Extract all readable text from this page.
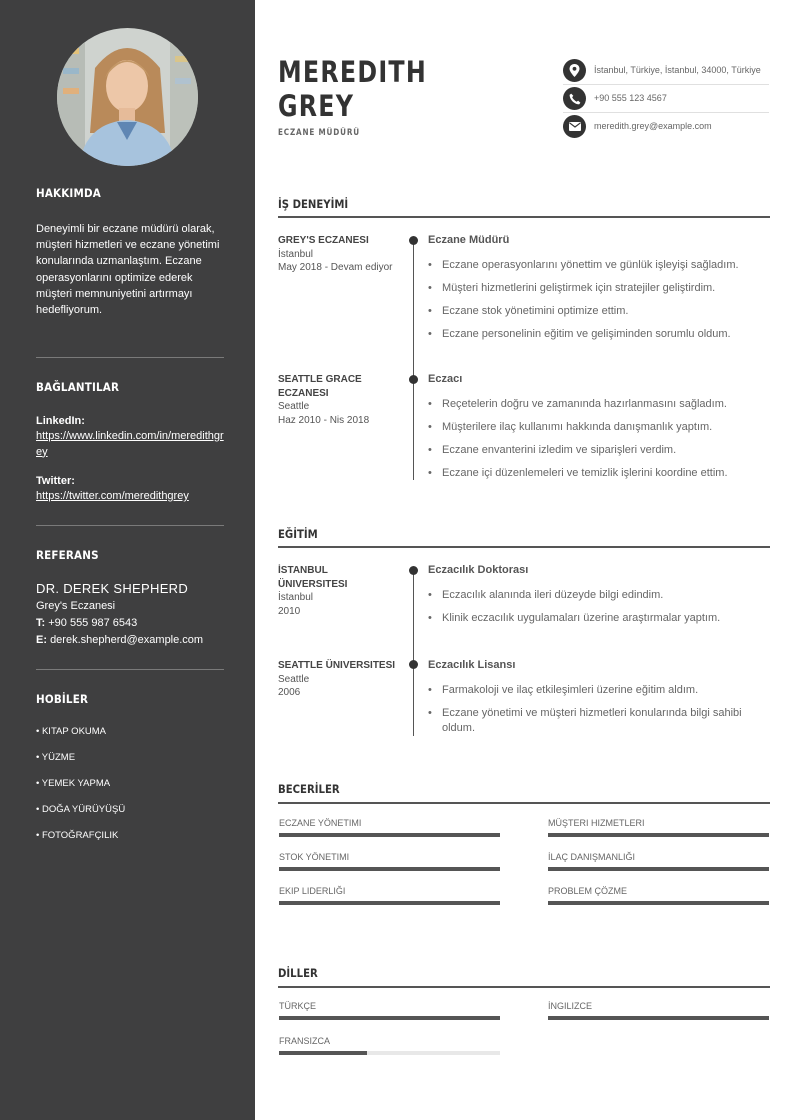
HAKKIMDA
Deneyimli bir eczane müdürü olarak, müşteri hizmetleri ve eczane yönetimi konularında uzmanlaştım. Eczane operasyonlarını optimize ederek müşteri memnuniyetini artırmayı hedefliyorum.
BAĞLANTILAR
LinkedIn:
https://www.linkedin.com/in/meredithgrey
Twitter:
https://twitter.com/meredithgrey
REFERANS
DR. DEREK SHEPHERD
Grey's Eczanesi
T: +90 555 987 6543
E: derek.shepherd@example.com
HOBİLER
• KITAP OKUMA
• YÜZME
• YEMEK YAPMA
• DOĞA YÜRÜYÜŞÜ
• FOTOĞRAFÇILIK
MEREDITH
GREY
ECZANE MÜDÜRÜ
İstanbul, Türkiye, İstanbul, 34000, Türkiye
+90 555 123 4567
meredith.grey@example.com
İŞ DENEYİMİ
GREY'S ECZANESI
İstanbul
May 2018 - Devam ediyor
Eczane Müdürü
• Eczane operasyonlarını yönettim ve günlük işleyişi sağladım.
• Müşteri hizmetlerini geliştirmek için stratejiler geliştirdim.
• Eczane stok yönetimini optimize ettim.
• Eczane personelinin eğitim ve gelişiminden sorumlu oldum.
SEATTLE GRACE ECZANESI
Seattle
Haz 2010 - Nis 2018
Eczacı
• Reçetelerin doğru ve zamanında hazırlanmasını sağladım.
• Müşterilere ilaç kullanımı hakkında danışmanlık yaptım.
• Eczane envanterini izledim ve siparişleri verdim.
• Eczane içi düzenlemeleri ve temizlik işlerini koordine ettim.
EĞİTİM
İSTANBUL ÜNIVERSITESI
İstanbul
2010
Eczacılık Doktorası
• Eczacılık alanında ileri düzeyde bilgi edindim.
• Klinik eczacılık uygulamaları üzerine araştırmalar yaptım.
SEATTLE ÜNIVERSITESI
Seattle
2006
Eczacılık Lisansı
• Farmakoloji ve ilaç etkileşimleri üzerine eğitim aldım.
• Eczane yönetimi ve müşteri hizmetleri konularında bilgi sahibi oldum.
BECERİLER
ECZANE YÖNETIMI	MÜŞTERI HIZMETLERI
STOK YÖNETIMI	İLAÇ DANIŞMANLIĞI
EKIP LIDERLIĞI	PROBLEM ÇÖZME
DİLLER
TÜRKÇE	İNGILIZCE
FRANSIZCA
